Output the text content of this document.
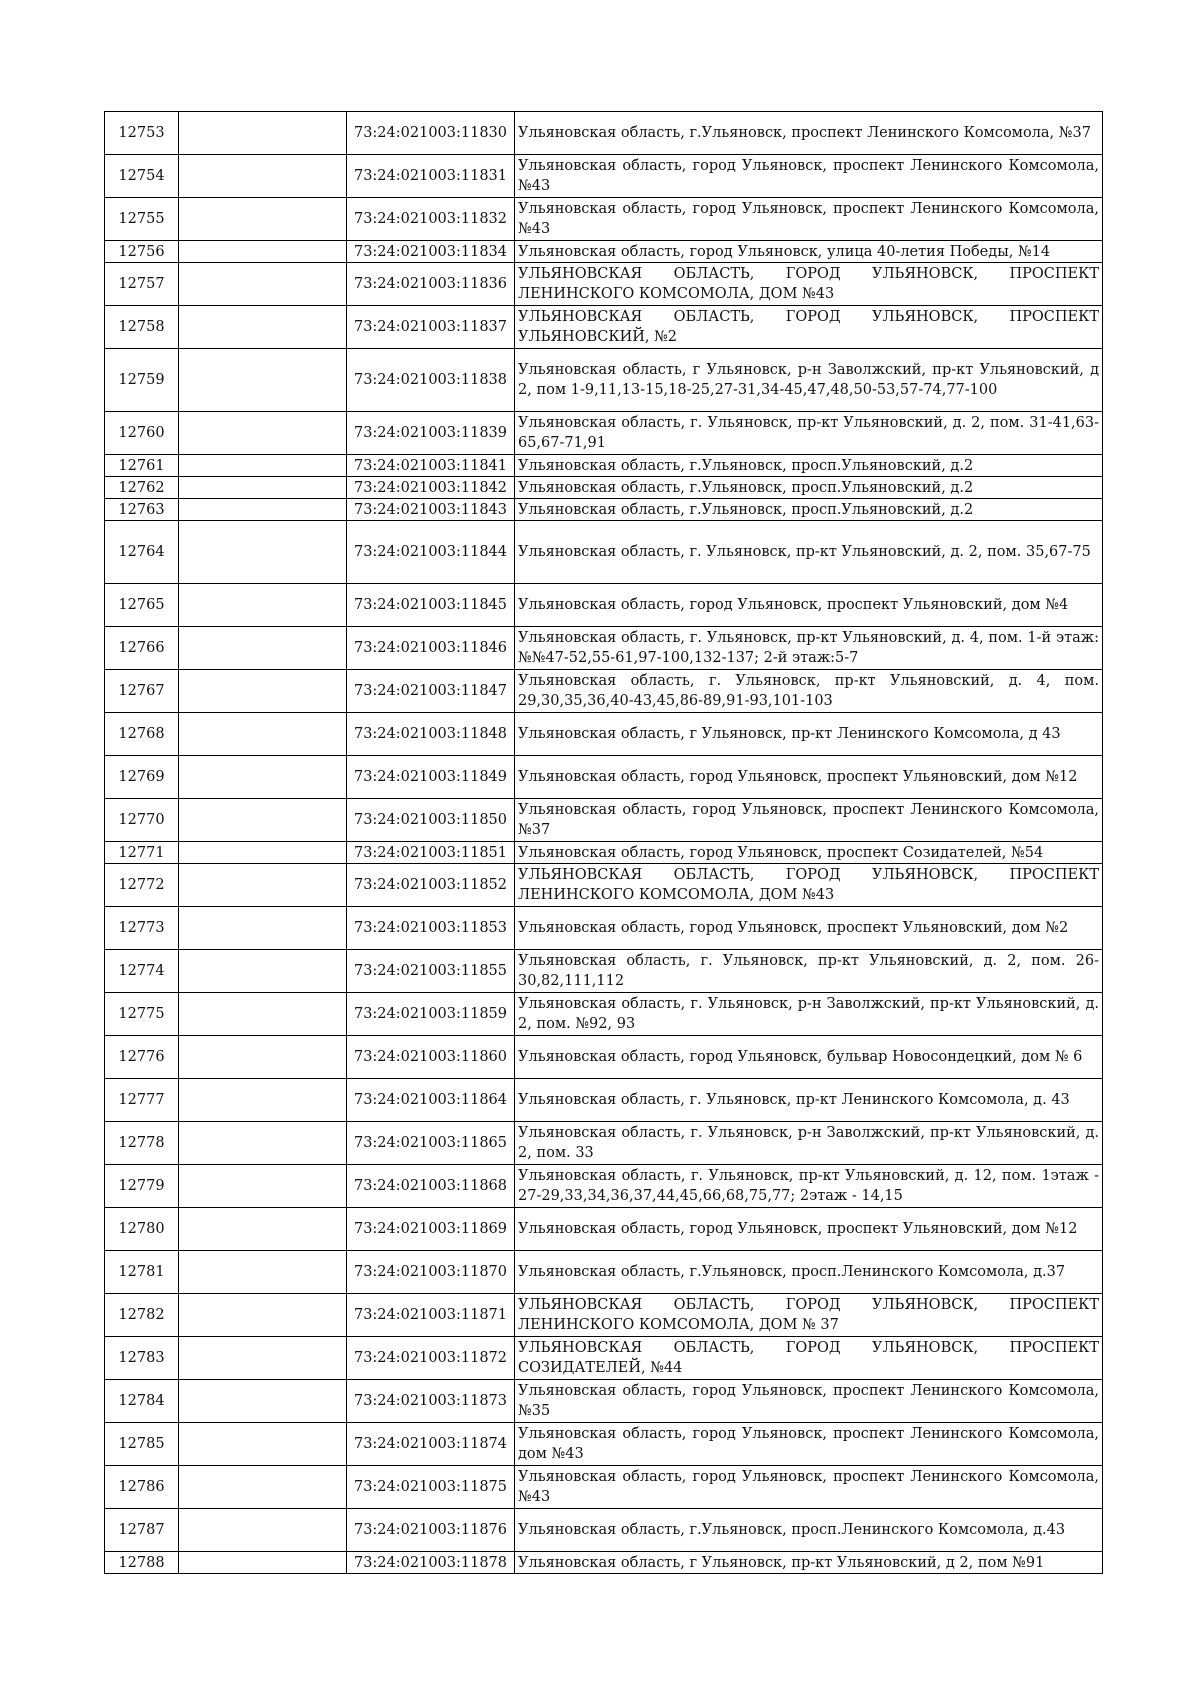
12753		73:24:021003:11830	Ульяновская область, г.Ульяновск, проспект Ленинского Комсомола, №37
12754		73:24:021003:11831	Ульяновская область, город Ульяновск, проспект Ленинского Комсомола, №43
12755		73:24:021003:11832	Ульяновская область, город Ульяновск, проспект Ленинского Комсомола, №43
12756		73:24:021003:11834	Ульяновская область, город Ульяновск, улица 40-летия Победы, №14
12757		73:24:021003:11836	УЛЬЯНОВСКАЯ ОБЛАСТЬ, ГОРОД УЛЬЯНОВСК, ПРОСПЕКТ ЛЕНИНСКОГО КОМСОМОЛА, ДОМ №43
12758		73:24:021003:11837	УЛЬЯНОВСКАЯ ОБЛАСТЬ, ГОРОД УЛЬЯНОВСК, ПРОСПЕКТ УЛЬЯНОВСКИЙ, №2
12759		73:24:021003:11838	Ульяновская область, г Ульяновск, р-н Заволжский, пр-кт Ульяновский, д 2, пом 1-9,11,13-15,18-25,27-31,34-45,47,48,50-53,57-74,77-100
12760		73:24:021003:11839	Ульяновская область, г. Ульяновск, пр-кт Ульяновский, д. 2, пом. 31-41,63-65,67-71,91
12761		73:24:021003:11841	Ульяновская область, г.Ульяновск, просп.Ульяновский, д.2
12762		73:24:021003:11842	Ульяновская область, г.Ульяновск, просп.Ульяновский, д.2
12763		73:24:021003:11843	Ульяновская область, г.Ульяновск, просп.Ульяновский, д.2
12764		73:24:021003:11844	Ульяновская область, г. Ульяновск, пр-кт Ульяновский, д. 2, пом. 35,67-75
12765		73:24:021003:11845	Ульяновская область, город Ульяновск, проспект Ульяновский, дом №4
12766		73:24:021003:11846	Ульяновская область, г. Ульяновск, пр-кт Ульяновский, д. 4, пом. 1-й этаж: №№47-52,55-61,97-100,132-137; 2-й этаж:5-7
12767		73:24:021003:11847	Ульяновская область, г. Ульяновск, пр-кт Ульяновский, д. 4, пом. 29,30,35,36,40-43,45,86-89,91-93,101-103
12768		73:24:021003:11848	Ульяновская область, г Ульяновск, пр-кт Ленинского Комсомола, д 43
12769		73:24:021003:11849	Ульяновская область, город Ульяновск, проспект Ульяновский, дом №12
12770		73:24:021003:11850	Ульяновская область, город Ульяновск, проспект Ленинского Комсомола, №37
12771		73:24:021003:11851	Ульяновская область, город Ульяновск, проспект Созидателей, №54
12772		73:24:021003:11852	УЛЬЯНОВСКАЯ ОБЛАСТЬ, ГОРОД УЛЬЯНОВСК, ПРОСПЕКТ ЛЕНИНСКОГО КОМСОМОЛА, ДОМ №43
12773		73:24:021003:11853	Ульяновская область, город Ульяновск, проспект Ульяновский, дом №2
12774		73:24:021003:11855	Ульяновская область, г. Ульяновск, пр-кт Ульяновский, д. 2, пом. 26-30,82,111,112
12775		73:24:021003:11859	Ульяновская область, г. Ульяновск, р-н Заволжский, пр-кт Ульяновский, д. 2, пом. №92, 93
12776		73:24:021003:11860	Ульяновская область, город Ульяновск, бульвар Новосондецкий, дом № 6
12777		73:24:021003:11864	Ульяновская область, г. Ульяновск, пр-кт Ленинского Комсомола, д. 43
12778		73:24:021003:11865	Ульяновская область, г. Ульяновск, р-н Заволжский, пр-кт Ульяновский, д. 2, пом. 33
12779		73:24:021003:11868	Ульяновская область, г. Ульяновск, пр-кт Ульяновский, д. 12, пом. 1этаж - 27-29,33,34,36,37,44,45,66,68,75,77; 2этаж - 14,15
12780		73:24:021003:11869	Ульяновская область, город Ульяновск, проспект Ульяновский, дом №12
12781		73:24:021003:11870	Ульяновская область, г.Ульяновск, просп.Ленинского Комсомола, д.37
12782		73:24:021003:11871	УЛЬЯНОВСКАЯ ОБЛАСТЬ, ГОРОД УЛЬЯНОВСК, ПРОСПЕКТ ЛЕНИНСКОГО КОМСОМОЛА, ДОМ № 37
12783		73:24:021003:11872	УЛЬЯНОВСКАЯ ОБЛАСТЬ, ГОРОД УЛЬЯНОВСК, ПРОСПЕКТ СОЗИДАТЕЛЕЙ, №44
12784		73:24:021003:11873	Ульяновская область, город Ульяновск, проспект Ленинского Комсомола, №35
12785		73:24:021003:11874	Ульяновская область, город Ульяновск, проспект Ленинского Комсомола, дом №43
12786		73:24:021003:11875	Ульяновская область, город Ульяновск, проспект Ленинского Комсомола, №43
12787		73:24:021003:11876	Ульяновская область, г.Ульяновск, просп.Ленинского Комсомола, д.43
12788		73:24:021003:11878	Ульяновская область, г Ульяновск, пр-кт Ульяновский, д 2, пом №91
